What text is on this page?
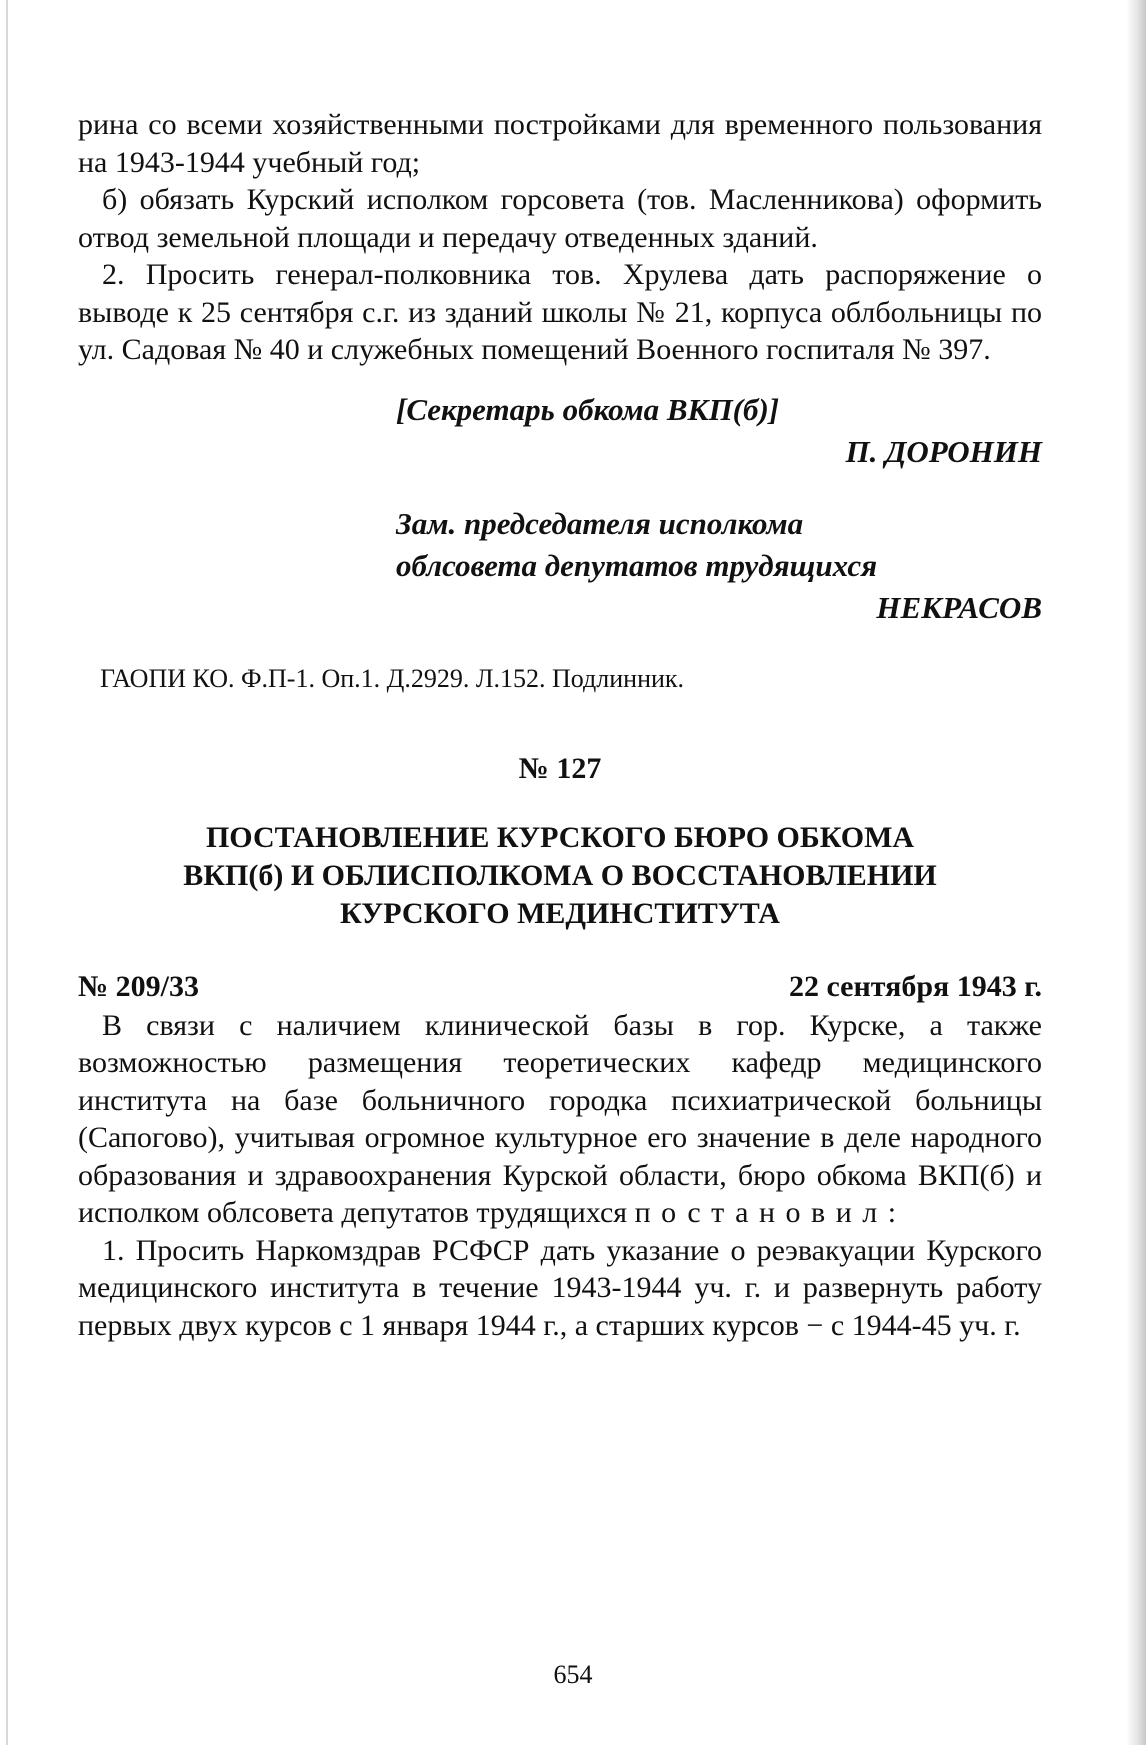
рина со всеми хозяйственными постройками для временного пользования на 1943-1944 учебный год;

б) обязать Курский исполком горсовета (тов. Масленникова) оформить отвод земельной площади и передачу отведенных зданий.

2. Просить генерал-полковника тов. Хрулева дать распоряжение о выводе к 25 сентября с.г. из зданий школы № 21, корпуса облбольницы по ул. Садовая № 40 и служебных помещений Военного госпиталя № 397.

[Секретарь обкома ВКП(б)]
П. ДОРОНИН
Зам. председателя исполкома
облсовета депутатов трудящихся
НЕКРАСОВ
ГАОПИ КО. Ф.П-1. Оп.1. Д.2929. Л.152. Подлинник.
№ 127
ПОСТАНОВЛЕНИЕ КУРСКОГО БЮРО ОБКОМА
ВКП(б) И ОБЛИСПОЛКОМА О ВОССТАНОВЛЕНИИ
КУРСКОГО МЕДИНСТИТУТА
№ 209/33	22 сентября 1943 г.

В связи с наличием клинической базы в гор. Курске, а также возможностью размещения теоретических кафедр медицинского института на базе больничного городка психиатрической больницы (Сапогово), учитывая огромное культурное его значение в деле народного образования и здравоохранения Курской области, бюро обкома ВКП(б) и исполком облсовета депутатов трудящихся постановил:

1. Просить Наркомздрав РСФСР дать указание о реэвакуации Курского медицинского института в течение 1943-1944 уч. г. и развернуть работу первых двух курсов с 1 января 1944 г., а старших курсов − с 1944-45 уч. г.

654
